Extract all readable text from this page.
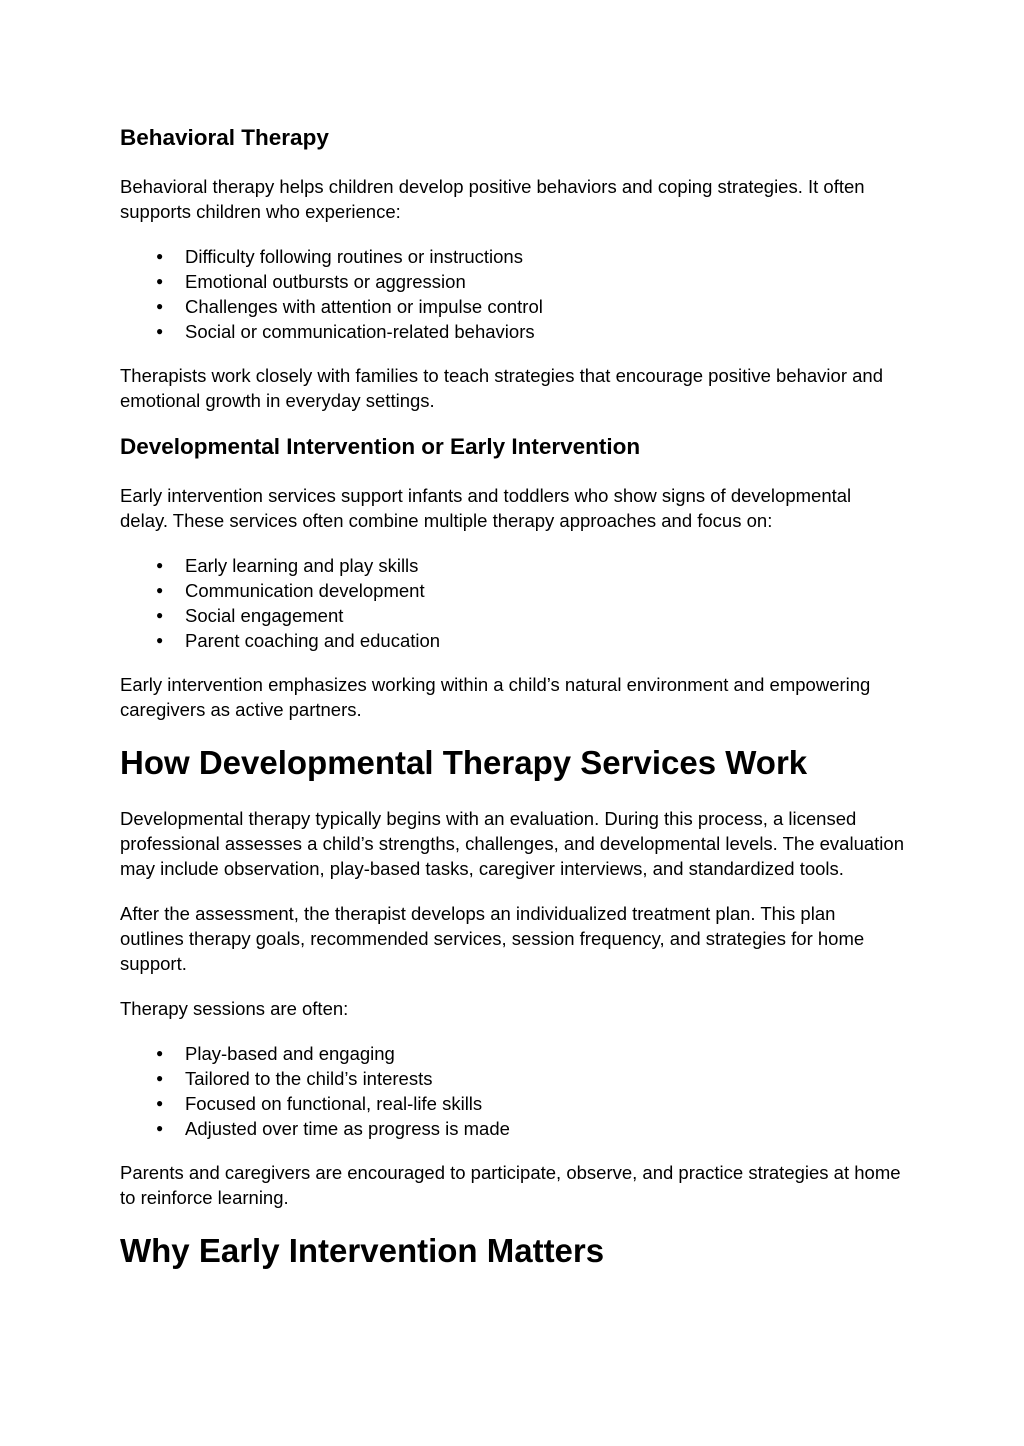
Behavioral Therapy

Behavioral therapy helps children develop positive behaviors and coping strategies. It often supports children who experience:

● Difficulty following routines or instructions
● Emotional outbursts or aggression
● Challenges with attention or impulse control
● Social or communication-related behaviors

Therapists work closely with families to teach strategies that encourage positive behavior and emotional growth in everyday settings.

Developmental Intervention or Early Intervention

Early intervention services support infants and toddlers who show signs of developmental delay. These services often combine multiple therapy approaches and focus on:

● Early learning and play skills
● Communication development
● Social engagement
● Parent coaching and education

Early intervention emphasizes working within a child’s natural environment and empowering caregivers as active partners.

How Developmental Therapy Services Work

Developmental therapy typically begins with an evaluation. During this process, a licensed professional assesses a child’s strengths, challenges, and developmental levels. The evaluation may include observation, play-based tasks, caregiver interviews, and standardized tools.

After the assessment, the therapist develops an individualized treatment plan. This plan outlines therapy goals, recommended services, session frequency, and strategies for home support.

Therapy sessions are often:

● Play-based and engaging
● Tailored to the child’s interests
● Focused on functional, real-life skills
● Adjusted over time as progress is made

Parents and caregivers are encouraged to participate, observe, and practice strategies at home to reinforce learning.

Why Early Intervention Matters
